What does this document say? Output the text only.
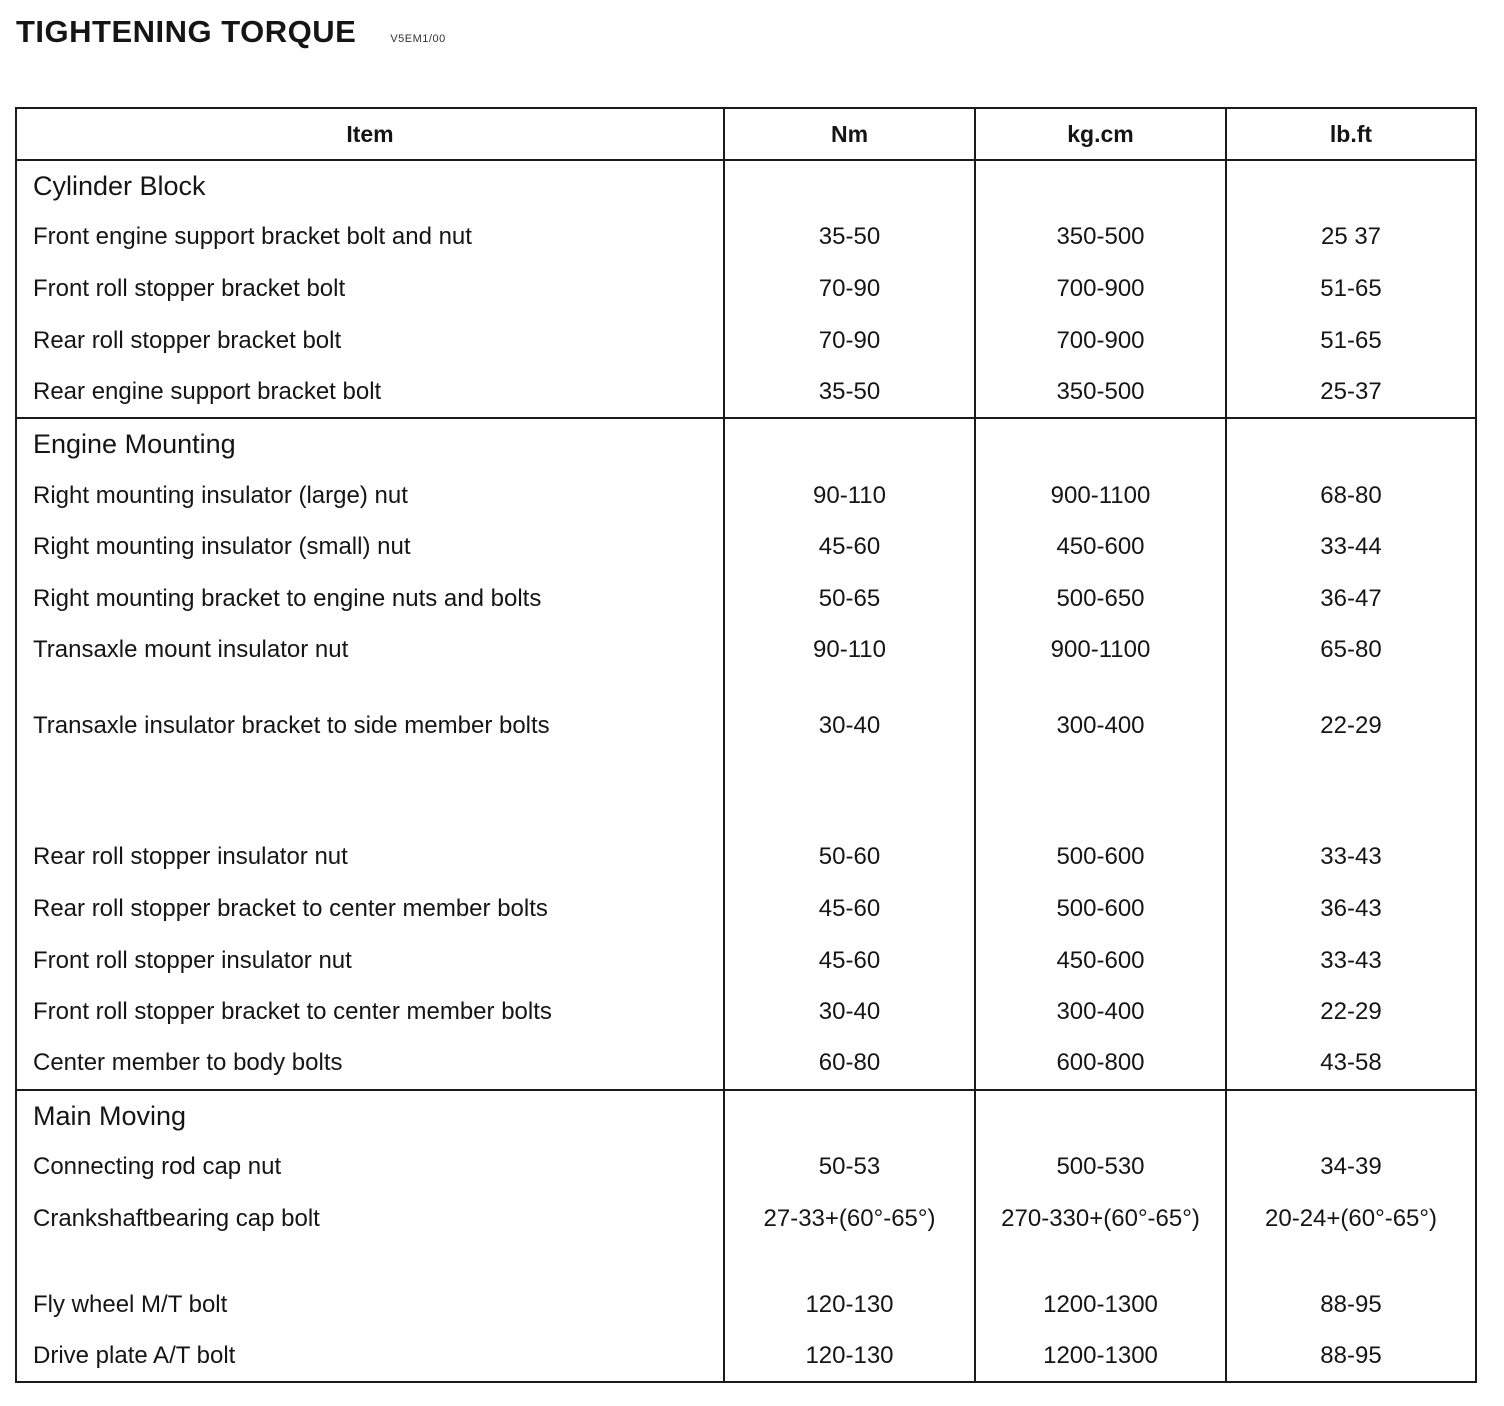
TIGHTENING TORQUE	V5EM1/00
Item	Nm	kg.cm	lb.ft
Cylinder Block			
Front engine support bracket bolt and nut	35-50	350-500	25 37
Front roll stopper bracket bolt	70-90	700-900	51-65
Rear roll stopper bracket bolt	70-90	700-900	51-65
Rear engine support bracket bolt	35-50	350-500	25-37
Engine Mounting			
Right mounting insulator (large) nut	90-110	900-1100	68-80
Right mounting insulator (small) nut	45-60	450-600	33-44
Right mounting bracket to engine nuts and bolts	50-65	500-650	36-47
Transaxle mount insulator nut	90-110	900-1100	65-80
Transaxle insulator bracket to side member bolts	30-40	300-400	22-29

Rear roll stopper insulator nut	50-60	500-600	33-43
Rear roll stopper bracket to center member bolts	45-60	500-600	36-43
Front roll stopper insulator nut	45-60	450-600	33-43
Front roll stopper bracket to center member bolts	30-40	300-400	22-29
Center member to body bolts	60-80	600-800	43-58
Main Moving			
Connecting rod cap nut	50-53	500-530	34-39
Crankshaftbearing cap bolt	27-33+(60°-65°)	270-330+(60°-65°)	20-24+(60°-65°)

Fly wheel M/T bolt	120-130	1200-1300	88-95
Drive plate A/T bolt	120-130	1200-1300	88-95
